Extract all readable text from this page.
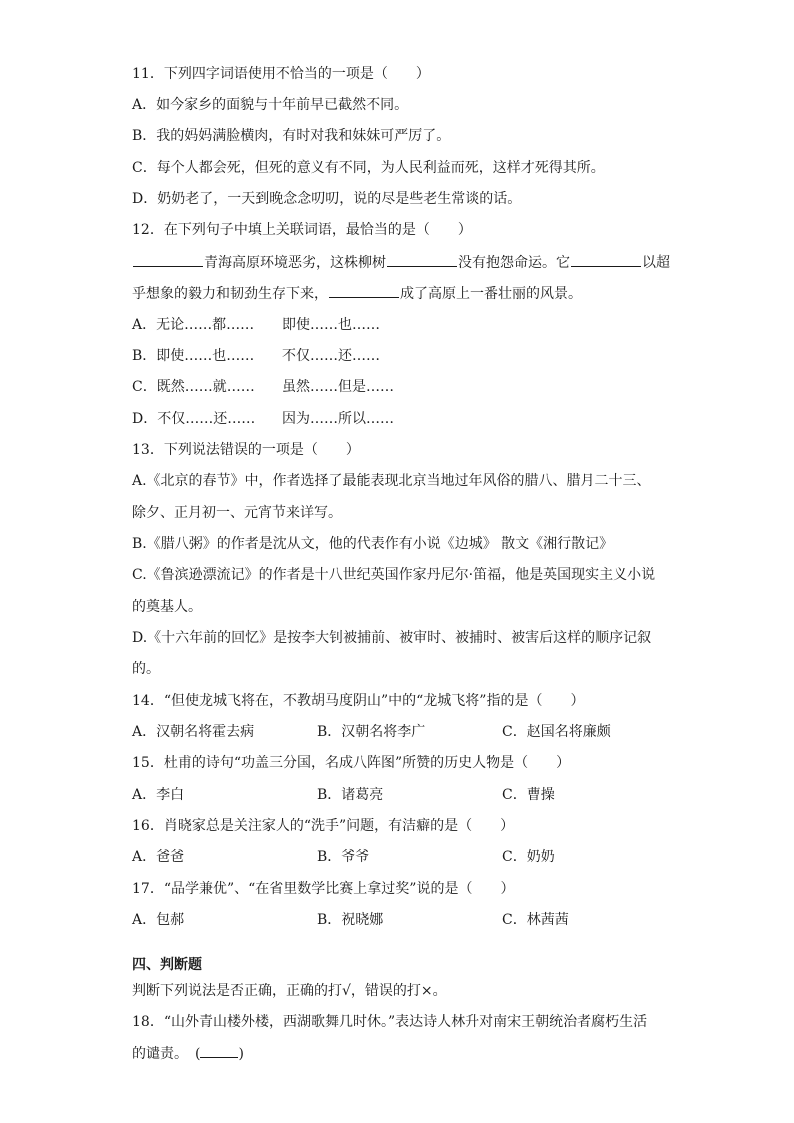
11．下列四字词语使用不恰当的一项是（　　）
A．如今家乡的面貌与十年前早已截然不同。
B．我的妈妈满脸横肉，有时对我和妹妹可严厉了。
C．每个人都会死，但死的意义有不同，为人民利益而死，这样才死得其所。
D．奶奶老了，一天到晚念念叨叨，说的尽是些老生常谈的话。
12．在下列句子中填上关联词语，最恰当的是（　　）
青海高原环境恶劣，这株柳树	没有抱怨命运。它	以超
乎想象的毅力和韧劲生存下来，	成了高原上一番壮丽的风景。
A．无论……都…… 即使……也……
B．即使……也…… 不仅……还……
C．既然……就…… 虽然……但是……
D．不仅……还…… 因为……所以……
13．下列说法错误的一项是（　　）
A.《北京的春节》中，作者选择了最能表现北京当地过年风俗的腊八、腊月二十三、
除夕、正月初一、元宵节来详写。
B.《腊八粥》的作者是沈从文，他的代表作有小说《边城》 散文《湘行散记》
C.《鲁滨逊漂流记》的作者是十八世纪英国作家丹尼尔·笛福，他是英国现实主义小说
的奠基人。
D.《十六年前的回忆》是按李大钊被捕前、被审时、被捕时、被害后这样的顺序记叙
的。
14．“但使龙城飞将在，不教胡马度阴山”中的“龙城飞将”指的是（　　）
A．汉朝名将霍去病	B．汉朝名将李广	C．赵国名将廉颇
15．杜甫的诗句“功盖三分国，名成八阵图”所赞的历史人物是（　　）
A．李白	B．诸葛亮	C．曹操
16．肖晓家总是关注家人的“洗手”问题，有洁癖的是（　　）
A．爸爸	B．爷爷	C．奶奶
17．“品学兼优”、“在省里数学比赛上拿过奖”说的是（　　）
A．包郝	B．祝晓娜	C．林茜茜
四、判断题
判断下列说法是否正确，正确的打√，错误的打×。
18．“山外青山楼外楼，西湖歌舞几时休。”表达诗人林升对南宋王朝统治者腐朽生活
的谴责。　(	)
